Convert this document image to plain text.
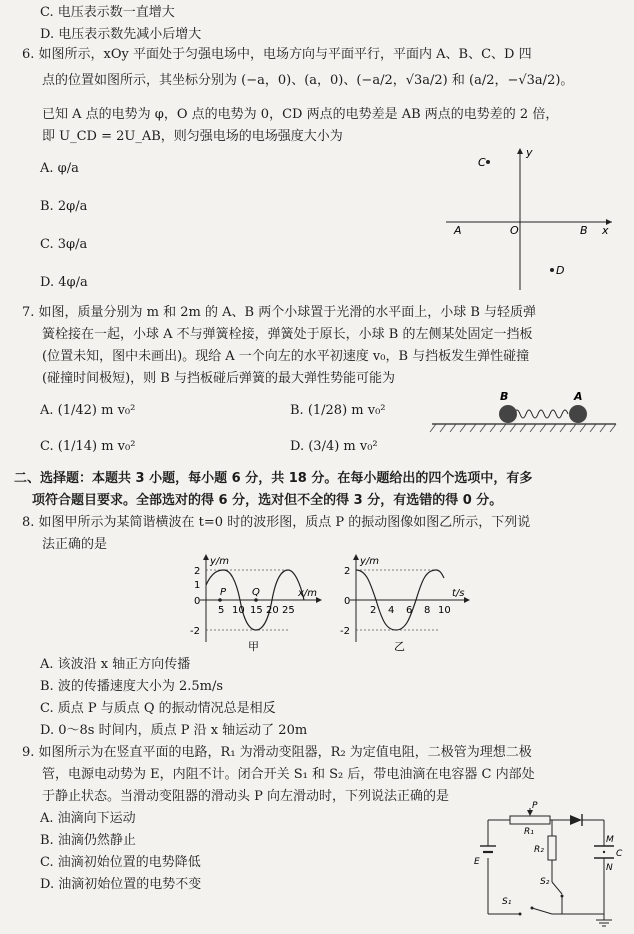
C. 电压表示数一直增大
D. 电压表示数先减小后增大
6. 如图所示，xOy 平面处于匀强电场中，电场方向与平面平行，平面内 A、B、C、D 四
点的位置如图所示，其坐标分别为 (−a，0)、(a，0)、(−a/2，√3a/2) 和 (a/2，−√3a/2)。
已知 A 点的电势为 φ，O 点的电势为 0，CD 两点的电势差是 AB 两点的电势差的 2 倍，
即 U_CD = 2U_AB，则匀强电场的电场强度大小为
A. φ/a
B. 2φ/a
C. 3φ/a
D. 4φ/a
C
D
A	O	B x
y
7. 如图，质量分别为 m 和 2m 的 A、B 两个小球置于光滑的水平面上，小球 B 与轻质弹
簧栓接在一起，小球 A 不与弹簧栓接，弹簧处于原长，小球 B 的左侧某处固定一挡板
(位置未知，图中未画出)。现给 A 一个向左的水平初速度 v₀，B 与挡板发生弹性碰撞
(碰撞时间极短)，则 B 与挡板碰后弹簧的最大弹性势能可能为
A. (1/42) m v₀²	B. (1/28) m v₀²
C. (1/14) m v₀²	D. (3/4) m v₀²
B	A
二、选择题：本题共 3 小题，每小题 6 分，共 18 分。在每小题给出的四个选项中，有多
项符合题目要求。全部选对的得 6 分，选对但不全的得 3 分，有选错的得 0 分。
8. 如图甲所示为某简谐横波在 t=0 时的波形图，质点 P 的振动图像如图乙所示，下列说
法正确的是
y/m
x/m
2
1
0
-2
5 10 15 20 25
P	Q
甲
y/m
t/s
2
0
-2
2 4 6 8 10
乙
A. 该波沿 x 轴正方向传播
B. 波的传播速度大小为 2.5m/s
C. 质点 P 与质点 Q 的振动情况总是相反
D. 0～8s 时间内，质点 P 沿 x 轴运动了 20m
9. 如图所示为在竖直平面的电路，R₁ 为滑动变阻器，R₂ 为定值电阻，二极管为理想二极
管，电源电动势为 E，内阻不计。闭合开关 S₁ 和 S₂ 后，带电油滴在电容器 C 内部处
于静止状态。当滑动变阻器的滑动头 P 向左滑动时，下列说法正确的是
A. 油滴向下运动
B. 油滴仍然静止
C. 油滴初始位置的电势降低
D. 油滴初始位置的电势不变
P
R₁
R₂
M
C
N
E
S₁
S₂
